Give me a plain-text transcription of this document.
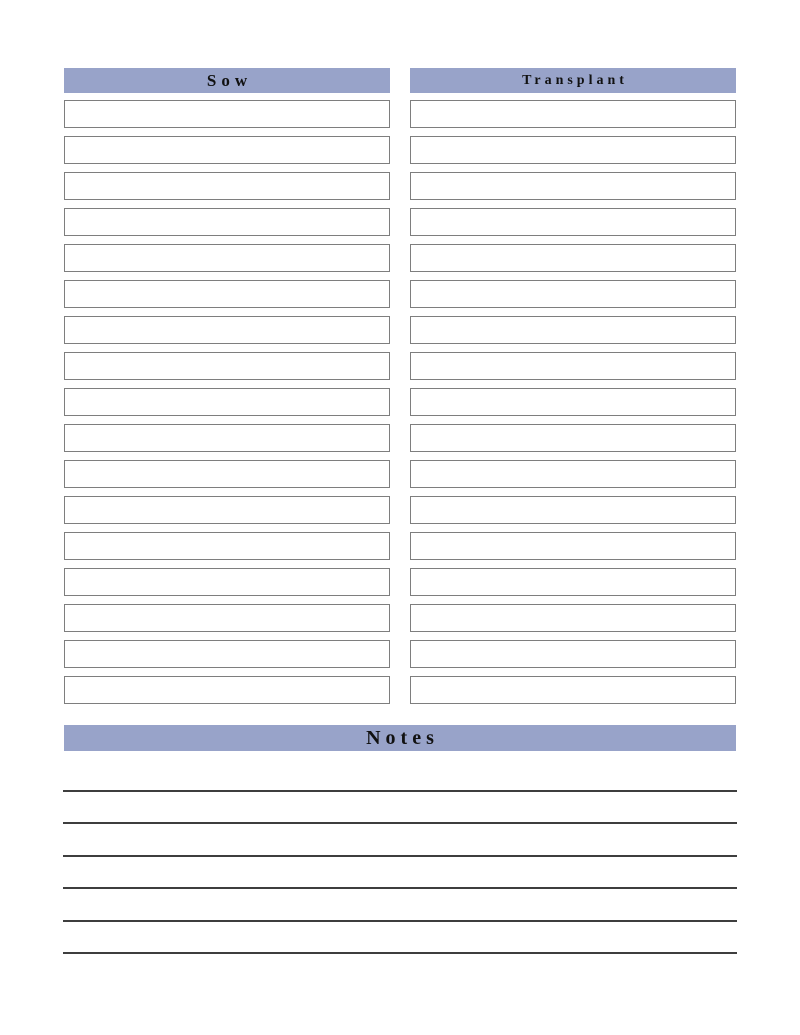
Sow	Transplant
Notes
